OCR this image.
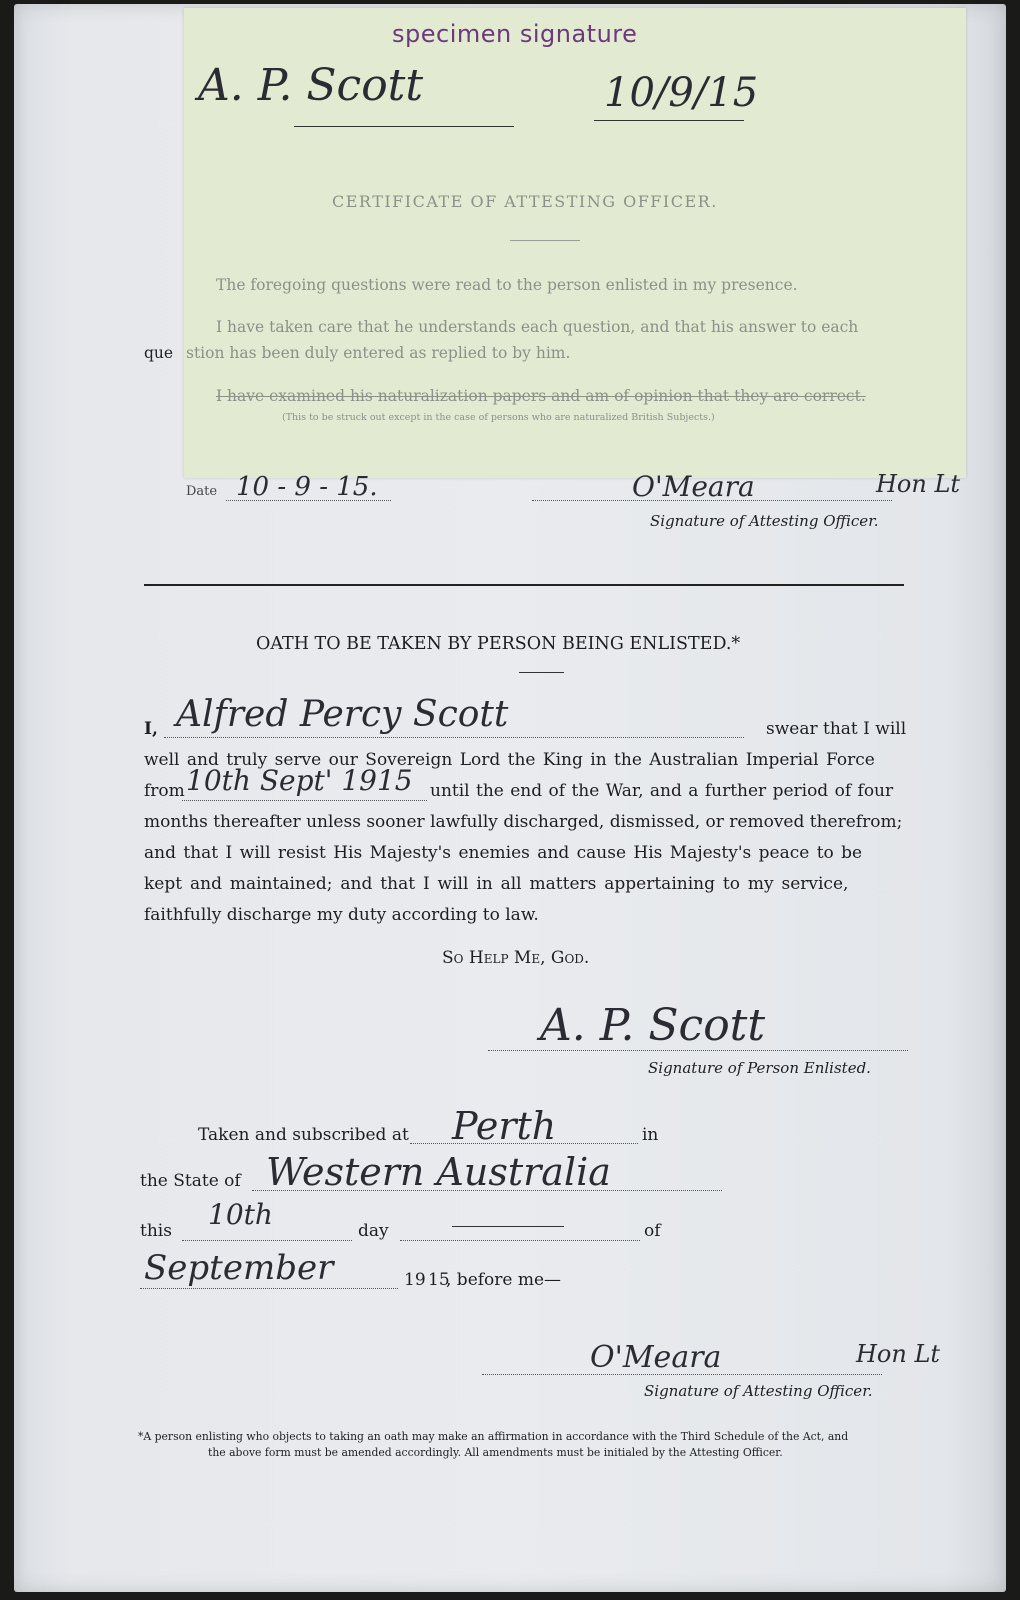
specimen signature
A. P. Scott	10/9/15
CERTIFICATE OF ATTESTING OFFICER.
The foregoing questions were read to the person enlisted in my presence.
I have taken care that he understands each question, and that his answer to each
stion has been duly entered as replied to by him.
I have examined his naturalization papers and am of opinion that they are correct.
(This to be struck out except in the case of persons who are naturalized British Subjects.)
que
Date 10 - 9 - 15.	O'Meara	Hon Lt
Signature of Attesting Officer.
OATH TO BE TAKEN BY PERSON BEING ENLISTED.*
I, Alfred Percy Scott	swear that I will
well and truly serve our Sovereign Lord the King in the Australian Imperial Force
from 10th Sept' 1915 until the end of the War, and a further period of four
months thereafter unless sooner lawfully discharged, dismissed, or removed therefrom;
and that I will resist His Majesty's enemies and cause His Majesty's peace to be
kept and maintained; and that I will in all matters appertaining to my service,
faithfully discharge my duty according to law.
So Help Me, God.
A. P. Scott
Signature of Person Enlisted.
Taken and subscribed at Perth	in
the State of Western Australia
this 10th	day	of
September	19 15
, before me—
O'Meara	Hon Lt
Signature of Attesting Officer.
*A person enlisting who objects to taking an oath may make an affirmation in accordance with the Third Schedule of the Act, and
the above form must be amended accordingly. All amendments must be initialed by the Attesting Officer.
